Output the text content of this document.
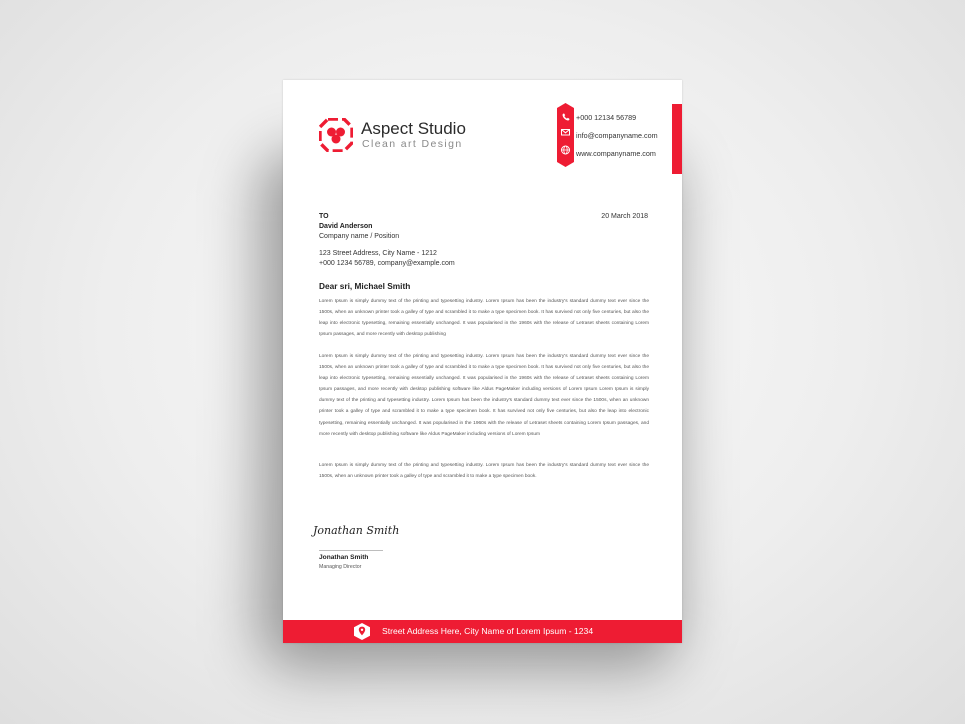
Aspect Studio
Clean art Design
+000 12134 56789
info@companyname.com
www.companyname.com
TO
David Anderson
Company name / Position
123 Street Address, City Name - 1212
+000 1234 56789, company@example.com
20 March 2018
Dear sri, Michael Smith
Lorem Ipsum is simply dummy text of the printing and typesetting industry. Lorem Ipsum has been the industry's standard dummy text ever since the 1500s, when an unknown printer took a galley of type and scrambled it to make a type specimen book. It has survived not only five centuries, but also the leap into electronic typesetting, remaining essentially unchanged. It was popularised in the 1960s with the release of Letraset sheets containing Lorem Ipsum passages, and more recently with desktop publishing
Lorem Ipsum is simply dummy text of the printing and typesetting industry. Lorem Ipsum has been the industry's standard dummy text ever since the 1500s, when an unknown printer took a galley of type and scrambled it to make a type specimen book. It has survived not only five centuries, but also the leap into electronic typesetting, remaining essentially unchanged. It was popularised in the 1960s with the release of Letraset sheets containing Lorem Ipsum passages, and more recently with desktop publishing software like Aldus PageMaker including versions of Lorem Ipsum Lorem Ipsum is simply dummy text of the printing and typesetting industry. Lorem Ipsum has been the industry's standard dummy text ever since the 1500s, when an unknown printer took a galley of type and scrambled it to make a type specimen book. It has survived not only five centuries, but also the leap into electronic typesetting, remaining essentially unchanged. It was popularised in the 1960s with the release of Letraset sheets containing Lorem Ipsum passages, and more recently with desktop publishing software like Aldus PageMaker including versions of Lorem Ipsum
Lorem Ipsum is simply dummy text of the printing and typesetting industry. Lorem Ipsum has been the industry's standard dummy text ever since the 1500s, when an unknown printer took a galley of type and scrambled it to make a type specimen book.
Jonathan Smith
Jonathan Smith
Managing Director
Street Address Here, City Name of Lorem Ipsum - 1234
